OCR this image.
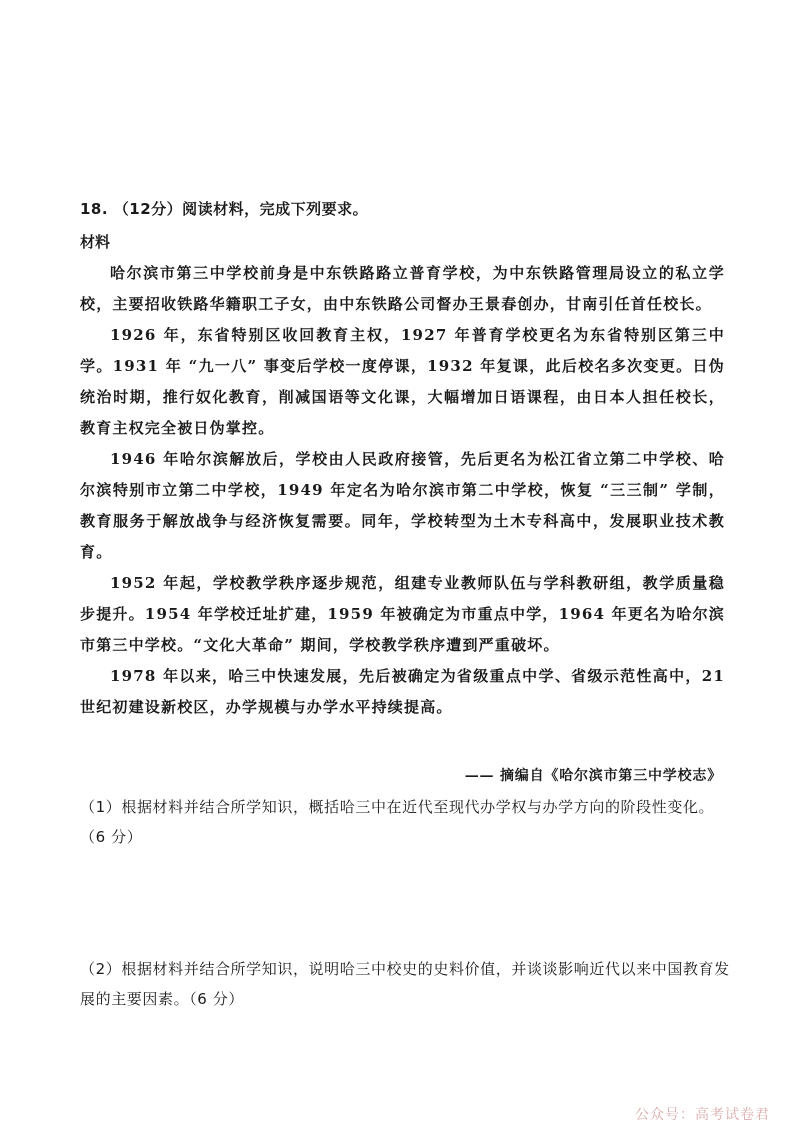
18. （12分）阅读材料，完成下列要求。
材料

哈尔滨市第三中学校前身是中东铁路路立普育学校，为中东铁路管理局设立的私立学校，主要招收铁路华籍职工子女，由中东铁路公司督办王景春创办，甘南引任首任校长。

1926 年，东省特别区收回教育主权，1927 年普育学校更名为东省特别区第三中学。1931 年 “九一八” 事变后学校一度停课，1932 年复课，此后校名多次变更。日伪统治时期，推行奴化教育，削减国语等文化课，大幅增加日语课程，由日本人担任校长，教育主权完全被日伪掌控。

1946 年哈尔滨解放后，学校由人民政府接管，先后更名为松江省立第二中学校、哈尔滨特别市立第二中学校，1949 年定名为哈尔滨市第二中学校，恢复 “三三制” 学制，教育服务于解放战争与经济恢复需要。同年，学校转型为土木专科高中，发展职业技术教育。

1952 年起，学校教学秩序逐步规范，组建专业教师队伍与学科教研组，教学质量稳步提升。1954 年学校迁址扩建，1959 年被确定为市重点中学，1964 年更名为哈尔滨市第三中学校。“文化大革命” 期间，学校教学秩序遭到严重破坏。

1978 年以来，哈三中快速发展，先后被确定为省级重点中学、省级示范性高中，21 世纪初建设新校区，办学规模与办学水平持续提高。

—— 摘编自《哈尔滨市第三中学校志》
（1）根据材料并结合所学知识，概括哈三中在近代至现代办学权与办学方向的阶段性变化。（6 分）
（2）根据材料并结合所学知识，说明哈三中校史的史料价值，并谈谈影响近代以来中国教育发展的主要因素。（6 分）
公众号：高考试卷君
